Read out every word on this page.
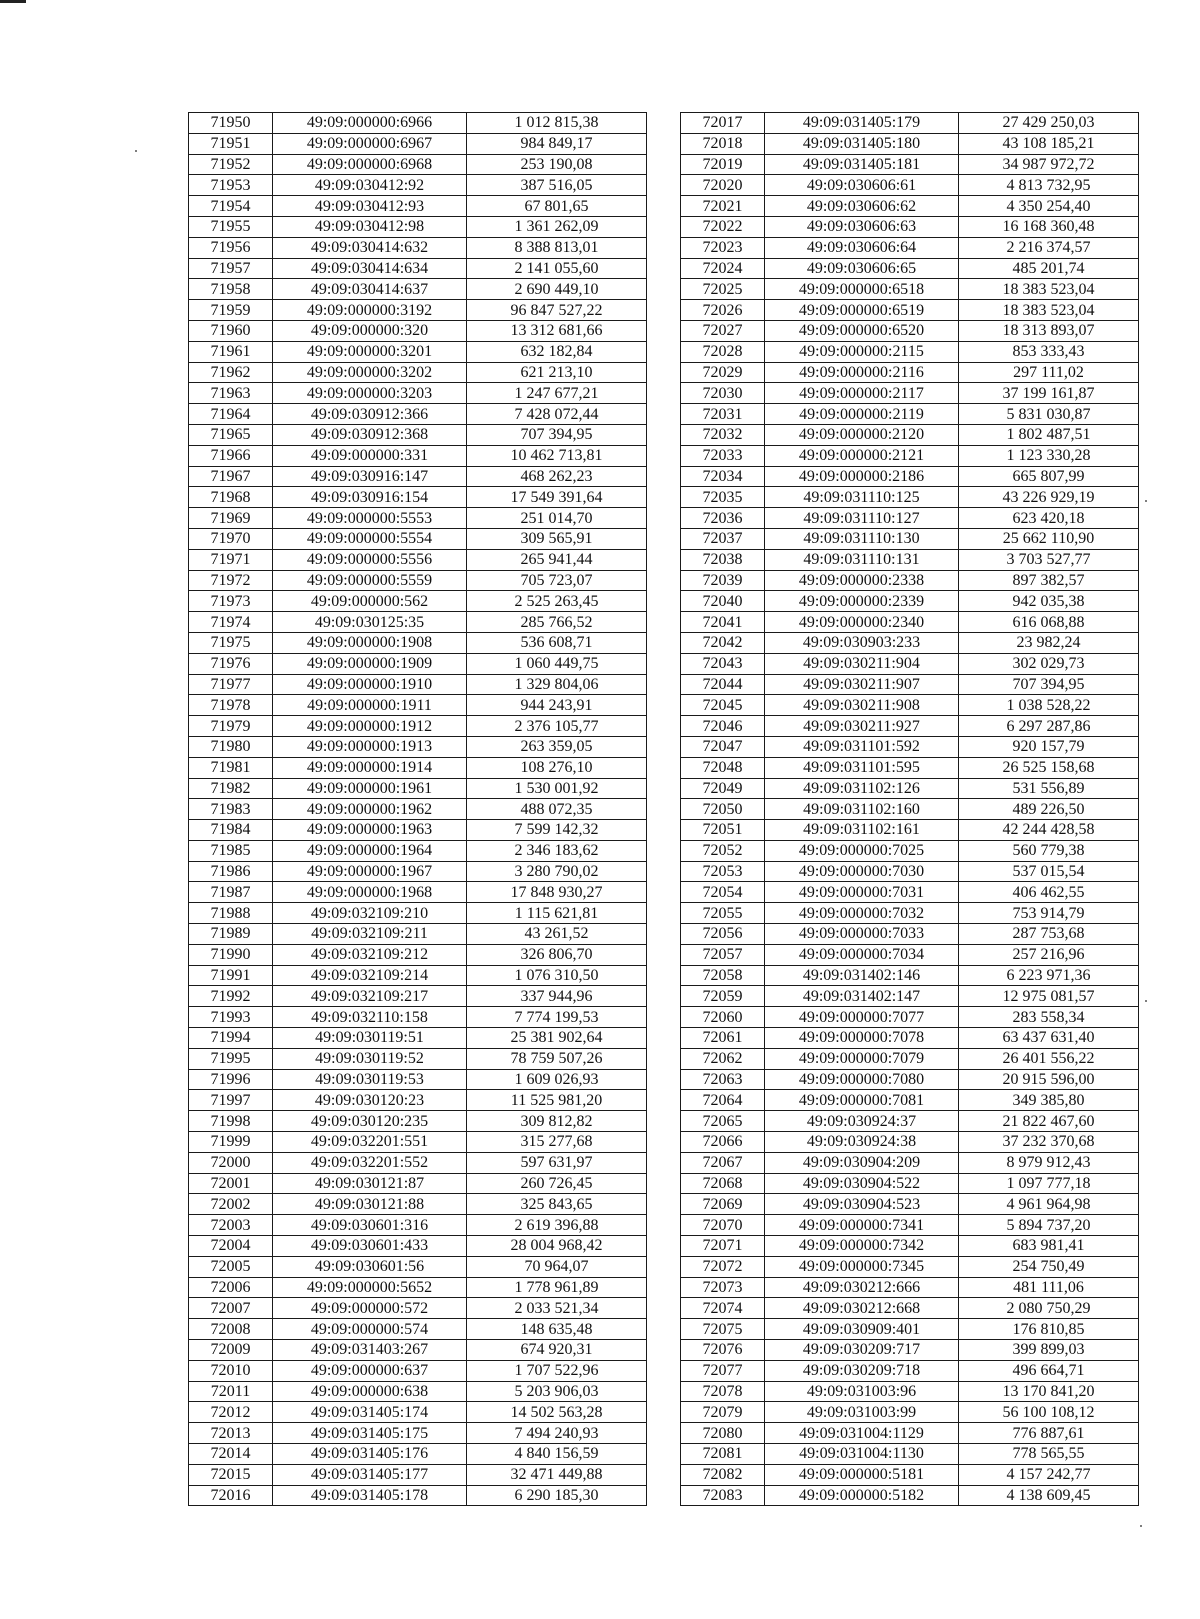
71950	49:09:000000:6966	1 012 815,38
71951	49:09:000000:6967	984 849,17
71952	49:09:000000:6968	253 190,08
71953	49:09:030412:92	387 516,05
71954	49:09:030412:93	67 801,65
71955	49:09:030412:98	1 361 262,09
71956	49:09:030414:632	8 388 813,01
71957	49:09:030414:634	2 141 055,60
71958	49:09:030414:637	2 690 449,10
71959	49:09:000000:3192	96 847 527,22
71960	49:09:000000:320	13 312 681,66
71961	49:09:000000:3201	632 182,84
71962	49:09:000000:3202	621 213,10
71963	49:09:000000:3203	1 247 677,21
71964	49:09:030912:366	7 428 072,44
71965	49:09:030912:368	707 394,95
71966	49:09:000000:331	10 462 713,81
71967	49:09:030916:147	468 262,23
71968	49:09:030916:154	17 549 391,64
71969	49:09:000000:5553	251 014,70
71970	49:09:000000:5554	309 565,91
71971	49:09:000000:5556	265 941,44
71972	49:09:000000:5559	705 723,07
71973	49:09:000000:562	2 525 263,45
71974	49:09:030125:35	285 766,52
71975	49:09:000000:1908	536 608,71
71976	49:09:000000:1909	1 060 449,75
71977	49:09:000000:1910	1 329 804,06
71978	49:09:000000:1911	944 243,91
71979	49:09:000000:1912	2 376 105,77
71980	49:09:000000:1913	263 359,05
71981	49:09:000000:1914	108 276,10
71982	49:09:000000:1961	1 530 001,92
71983	49:09:000000:1962	488 072,35
71984	49:09:000000:1963	7 599 142,32
71985	49:09:000000:1964	2 346 183,62
71986	49:09:000000:1967	3 280 790,02
71987	49:09:000000:1968	17 848 930,27
71988	49:09:032109:210	1 115 621,81
71989	49:09:032109:211	43 261,52
71990	49:09:032109:212	326 806,70
71991	49:09:032109:214	1 076 310,50
71992	49:09:032109:217	337 944,96
71993	49:09:032110:158	7 774 199,53
71994	49:09:030119:51	25 381 902,64
71995	49:09:030119:52	78 759 507,26
71996	49:09:030119:53	1 609 026,93
71997	49:09:030120:23	11 525 981,20
71998	49:09:030120:235	309 812,82
71999	49:09:032201:551	315 277,68
72000	49:09:032201:552	597 631,97
72001	49:09:030121:87	260 726,45
72002	49:09:030121:88	325 843,65
72003	49:09:030601:316	2 619 396,88
72004	49:09:030601:433	28 004 968,42
72005	49:09:030601:56	70 964,07
72006	49:09:000000:5652	1 778 961,89
72007	49:09:000000:572	2 033 521,34
72008	49:09:000000:574	148 635,48
72009	49:09:031403:267	674 920,31
72010	49:09:000000:637	1 707 522,96
72011	49:09:000000:638	5 203 906,03
72012	49:09:031405:174	14 502 563,28
72013	49:09:031405:175	7 494 240,93
72014	49:09:031405:176	4 840 156,59
72015	49:09:031405:177	32 471 449,88
72016	49:09:031405:178	6 290 185,30
72017	49:09:031405:179	27 429 250,03
72018	49:09:031405:180	43 108 185,21
72019	49:09:031405:181	34 987 972,72
72020	49:09:030606:61	4 813 732,95
72021	49:09:030606:62	4 350 254,40
72022	49:09:030606:63	16 168 360,48
72023	49:09:030606:64	2 216 374,57
72024	49:09:030606:65	485 201,74
72025	49:09:000000:6518	18 383 523,04
72026	49:09:000000:6519	18 383 523,04
72027	49:09:000000:6520	18 313 893,07
72028	49:09:000000:2115	853 333,43
72029	49:09:000000:2116	297 111,02
72030	49:09:000000:2117	37 199 161,87
72031	49:09:000000:2119	5 831 030,87
72032	49:09:000000:2120	1 802 487,51
72033	49:09:000000:2121	1 123 330,28
72034	49:09:000000:2186	665 807,99
72035	49:09:031110:125	43 226 929,19
72036	49:09:031110:127	623 420,18
72037	49:09:031110:130	25 662 110,90
72038	49:09:031110:131	3 703 527,77
72039	49:09:000000:2338	897 382,57
72040	49:09:000000:2339	942 035,38
72041	49:09:000000:2340	616 068,88
72042	49:09:030903:233	23 982,24
72043	49:09:030211:904	302 029,73
72044	49:09:030211:907	707 394,95
72045	49:09:030211:908	1 038 528,22
72046	49:09:030211:927	6 297 287,86
72047	49:09:031101:592	920 157,79
72048	49:09:031101:595	26 525 158,68
72049	49:09:031102:126	531 556,89
72050	49:09:031102:160	489 226,50
72051	49:09:031102:161	42 244 428,58
72052	49:09:000000:7025	560 779,38
72053	49:09:000000:7030	537 015,54
72054	49:09:000000:7031	406 462,55
72055	49:09:000000:7032	753 914,79
72056	49:09:000000:7033	287 753,68
72057	49:09:000000:7034	257 216,96
72058	49:09:031402:146	6 223 971,36
72059	49:09:031402:147	12 975 081,57
72060	49:09:000000:7077	283 558,34
72061	49:09:000000:7078	63 437 631,40
72062	49:09:000000:7079	26 401 556,22
72063	49:09:000000:7080	20 915 596,00
72064	49:09:000000:7081	349 385,80
72065	49:09:030924:37	21 822 467,60
72066	49:09:030924:38	37 232 370,68
72067	49:09:030904:209	8 979 912,43
72068	49:09:030904:522	1 097 777,18
72069	49:09:030904:523	4 961 964,98
72070	49:09:000000:7341	5 894 737,20
72071	49:09:000000:7342	683 981,41
72072	49:09:000000:7345	254 750,49
72073	49:09:030212:666	481 111,06
72074	49:09:030212:668	2 080 750,29
72075	49:09:030909:401	176 810,85
72076	49:09:030209:717	399 899,03
72077	49:09:030209:718	496 664,71
72078	49:09:031003:96	13 170 841,20
72079	49:09:031003:99	56 100 108,12
72080	49:09:031004:1129	776 887,61
72081	49:09:031004:1130	778 565,55
72082	49:09:000000:5181	4 157 242,77
72083	49:09:000000:5182	4 138 609,45
